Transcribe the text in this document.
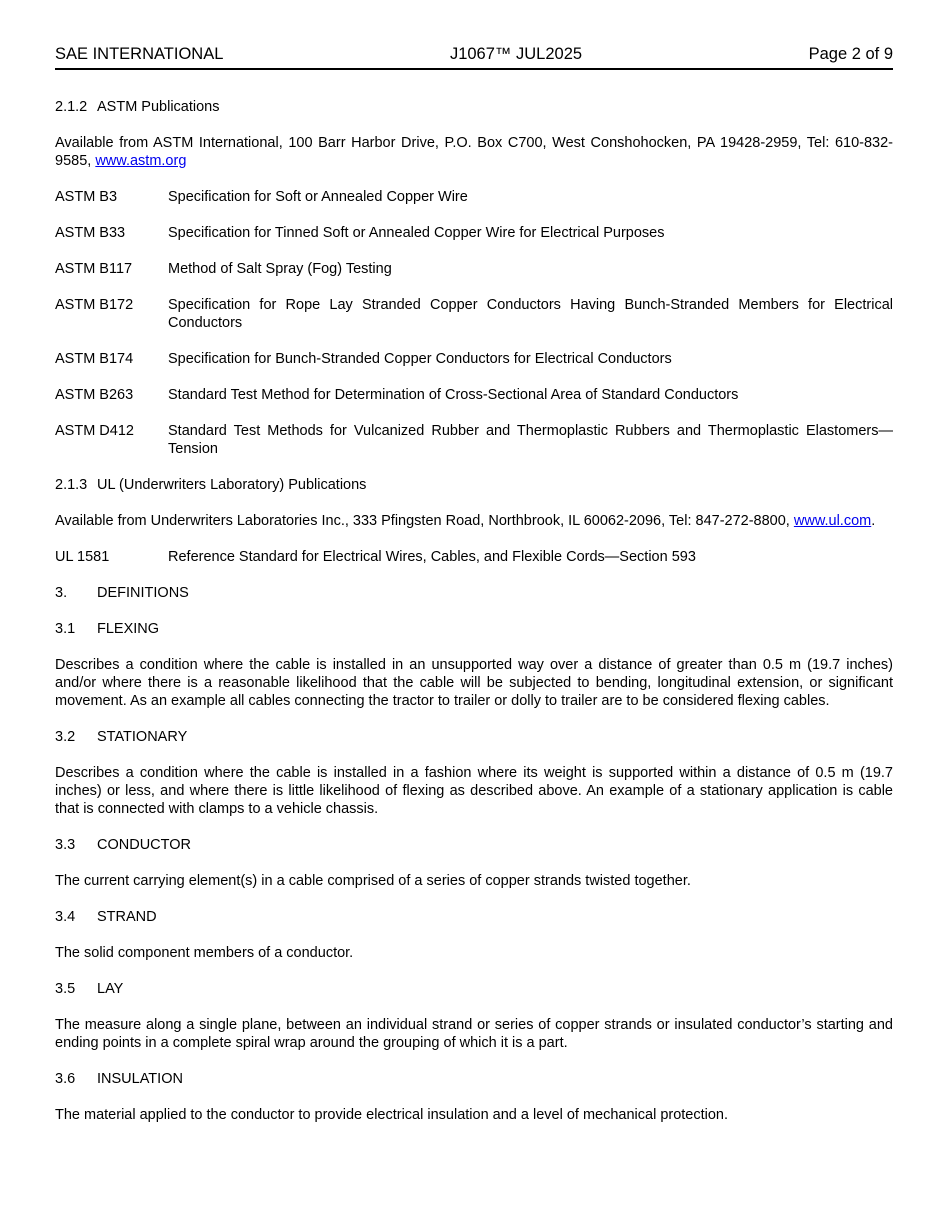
SAE INTERNATIONAL	J1067™ JUL2025	Page 2 of 9
2.1.2 ASTM Publications

Available from ASTM International, 100 Barr Harbor Drive, P.O. Box C700, West Conshohocken, PA 19428-2959, Tel: 610-832-9585, www.astm.org

ASTM B3	Specification for Soft or Annealed Copper Wire
ASTM B33	Specification for Tinned Soft or Annealed Copper Wire for Electrical Purposes
ASTM B117	Method of Salt Spray (Fog) Testing
ASTM B172	Specification for Rope Lay Stranded Copper Conductors Having Bunch-Stranded Members for Electrical Conductors
ASTM B174	Specification for Bunch-Stranded Copper Conductors for Electrical Conductors
ASTM B263	Standard Test Method for Determination of Cross-Sectional Area of Standard Conductors
ASTM D412	Standard Test Methods for Vulcanized Rubber and Thermoplastic Rubbers and Thermoplastic Elastomers—Tension
2.1.3 UL (Underwriters Laboratory) Publications

Available from Underwriters Laboratories Inc., 333 Pfingsten Road, Northbrook, IL 60062-2096, Tel: 847-272-8800, www.ul.com.

UL 1581	Reference Standard for Electrical Wires, Cables, and Flexible Cords—Section 593
3. DEFINITIONS
3.1 FLEXING

Describes a condition where the cable is installed in an unsupported way over a distance of greater than 0.5 m (19.7 inches) and/or where there is a reasonable likelihood that the cable will be subjected to bending, longitudinal extension, or significant movement. As an example all cables connecting the tractor to trailer or dolly to trailer are to be considered flexing cables.

3.2 STATIONARY

Describes a condition where the cable is installed in a fashion where its weight is supported within a distance of 0.5 m (19.7 inches) or less, and where there is little likelihood of flexing as described above. An example of a stationary application is cable that is connected with clamps to a vehicle chassis.

3.3 CONDUCTOR

The current carrying element(s) in a cable comprised of a series of copper strands twisted together.

3.4 STRAND

The solid component members of a conductor.

3.5 LAY

The measure along a single plane, between an individual strand or series of copper strands or insulated conductor’s starting and ending points in a complete spiral wrap around the grouping of which it is a part.

3.6 INSULATION

The material applied to the conductor to provide electrical insulation and a level of mechanical protection.
